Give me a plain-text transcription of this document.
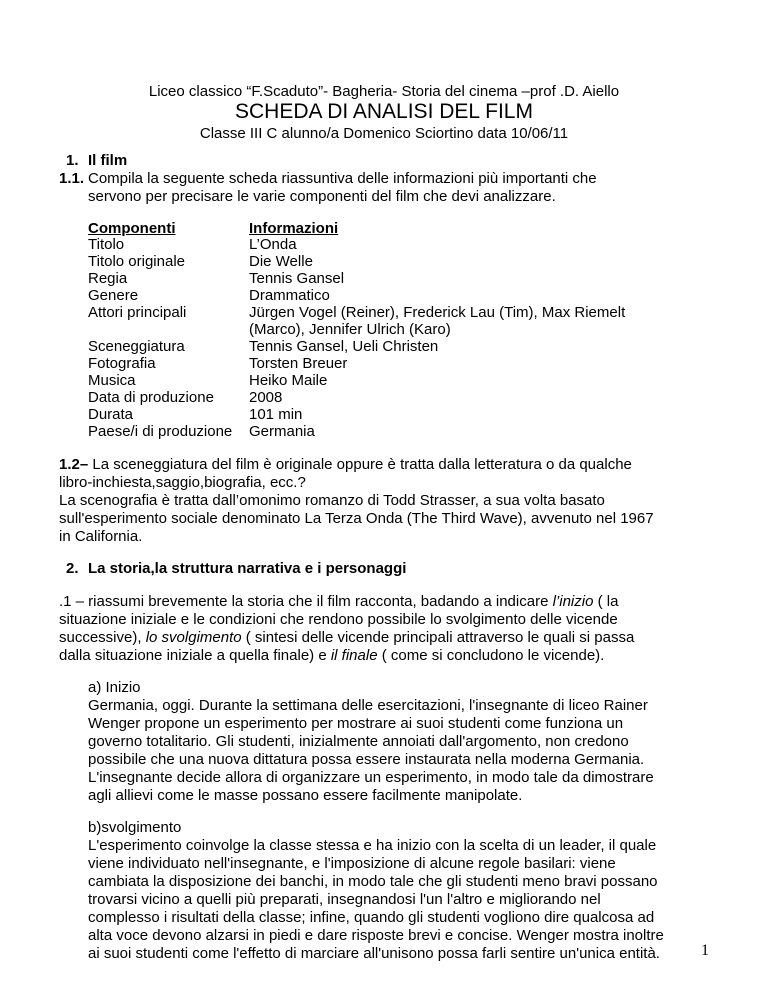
Liceo classico “F.Scaduto”- Bagheria- Storia del cinema –prof .D. Aiello
SCHEDA DI ANALISI DEL FILM
Classe III C alunno/a Domenico Sciortino data 10/06/11
1. Il film
1.1. Compila la seguente scheda riassuntiva delle informazioni più importanti che
servono per precisare le varie componenti del film che devi analizzare.
Componenti	Informazioni
Titolo	L’Onda
Titolo originale	Die Welle
Regia	Tennis Gansel
Genere	Drammatico
Attori principali	Jürgen Vogel (Reiner), Frederick Lau (Tim), Max Riemelt
(Marco), Jennifer Ulrich (Karo)
Sceneggiatura	Tennis Gansel, Ueli Christen
Fotografia	Torsten Breuer
Musica	Heiko Maile
Data di produzione 2008
Durata	101 min
Paese/i di produzione Germania
1.2– La sceneggiatura del film è originale oppure è tratta dalla letteratura o da qualche
libro-inchiesta,saggio,biografia, ecc.?
La scenografia è tratta dall’omonimo romanzo di Todd Strasser, a sua volta basato
sull'esperimento sociale denominato La Terza Onda (The Third Wave), avvenuto nel 1967
in California.
2. La storia,la struttura narrativa e i personaggi
.1 – riassumi brevemente la storia che il film racconta, badando a indicare l’inizio ( la
situazione iniziale e le condizioni che rendono possibile lo svolgimento delle vicende
successive), lo svolgimento ( sintesi delle vicende principali attraverso le quali si passa
dalla situazione iniziale a quella finale) e il finale ( come si concludono le vicende).
a) Inizio
Germania, oggi. Durante la settimana delle esercitazioni, l'insegnante di liceo Rainer
Wenger propone un esperimento per mostrare ai suoi studenti come funziona un
governo totalitario. Gli studenti, inizialmente annoiati dall'argomento, non credono
possibile che una nuova dittatura possa essere instaurata nella moderna Germania.
L'insegnante decide allora di organizzare un esperimento, in modo tale da dimostrare
agli allievi come le masse possano essere facilmente manipolate.
b)svolgimento
L'esperimento coinvolge la classe stessa e ha inizio con la scelta di un leader, il quale
viene individuato nell'insegnante, e l'imposizione di alcune regole basilari: viene
cambiata la disposizione dei banchi, in modo tale che gli studenti meno bravi possano
trovarsi vicino a quelli più preparati, insegnandosi l'un l'altro e migliorando nel
complesso i risultati della classe; infine, quando gli studenti vogliono dire qualcosa ad
alta voce devono alzarsi in piedi e dare risposte brevi e concise. Wenger mostra inoltre
ai suoi studenti come l'effetto di marciare all'unisono possa farli sentire un'unica entità.	1
